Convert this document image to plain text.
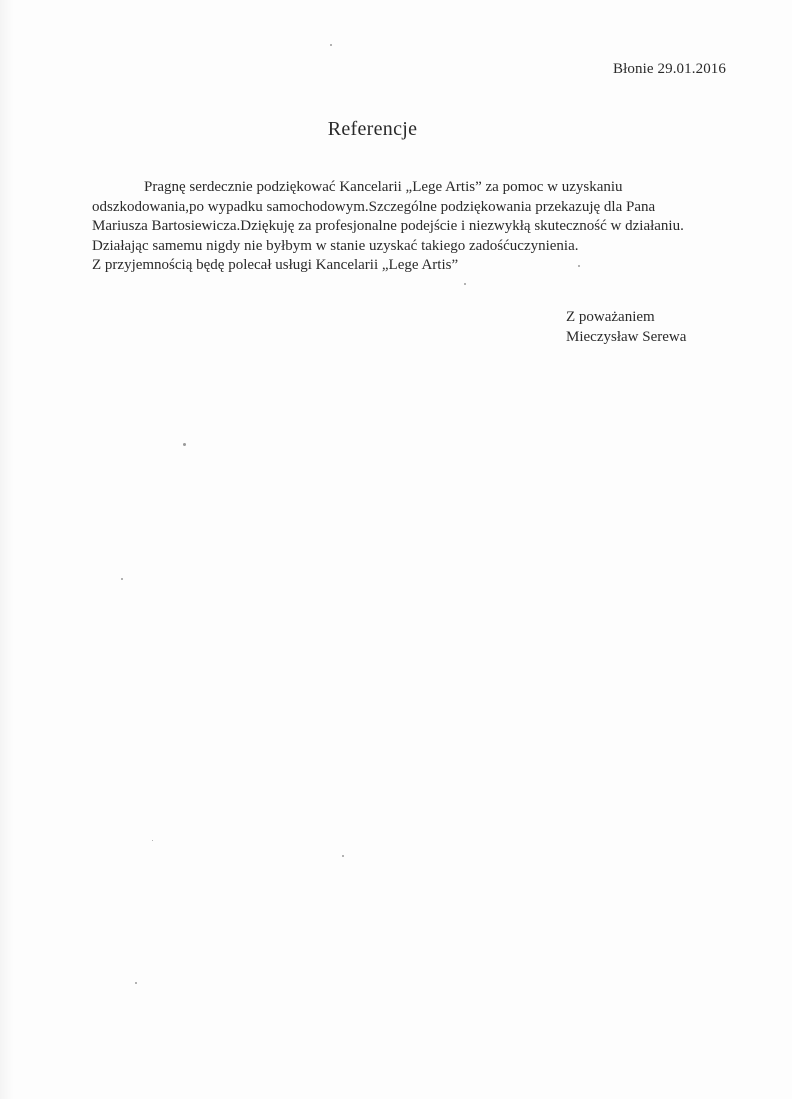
Błonie 29.01.2016
Referencje

Pragnę serdecznie podziękować Kancelarii „Lege Artis” za pomoc w uzyskaniu

odszkodowania,po wypadku samochodowym.Szczególne podziękowania przekazuję dla Pana

Mariusza Bartosiewicza.Dziękuję za profesjonalne podejście i niezwykłą skuteczność w działaniu.

Działając samemu nigdy nie byłbym w stanie uzyskać takiego zadośćuczynienia.

Z przyjemnością będę polecał usługi Kancelarii „Lege Artis”

Z poważaniem
Mieczysław Serewa
